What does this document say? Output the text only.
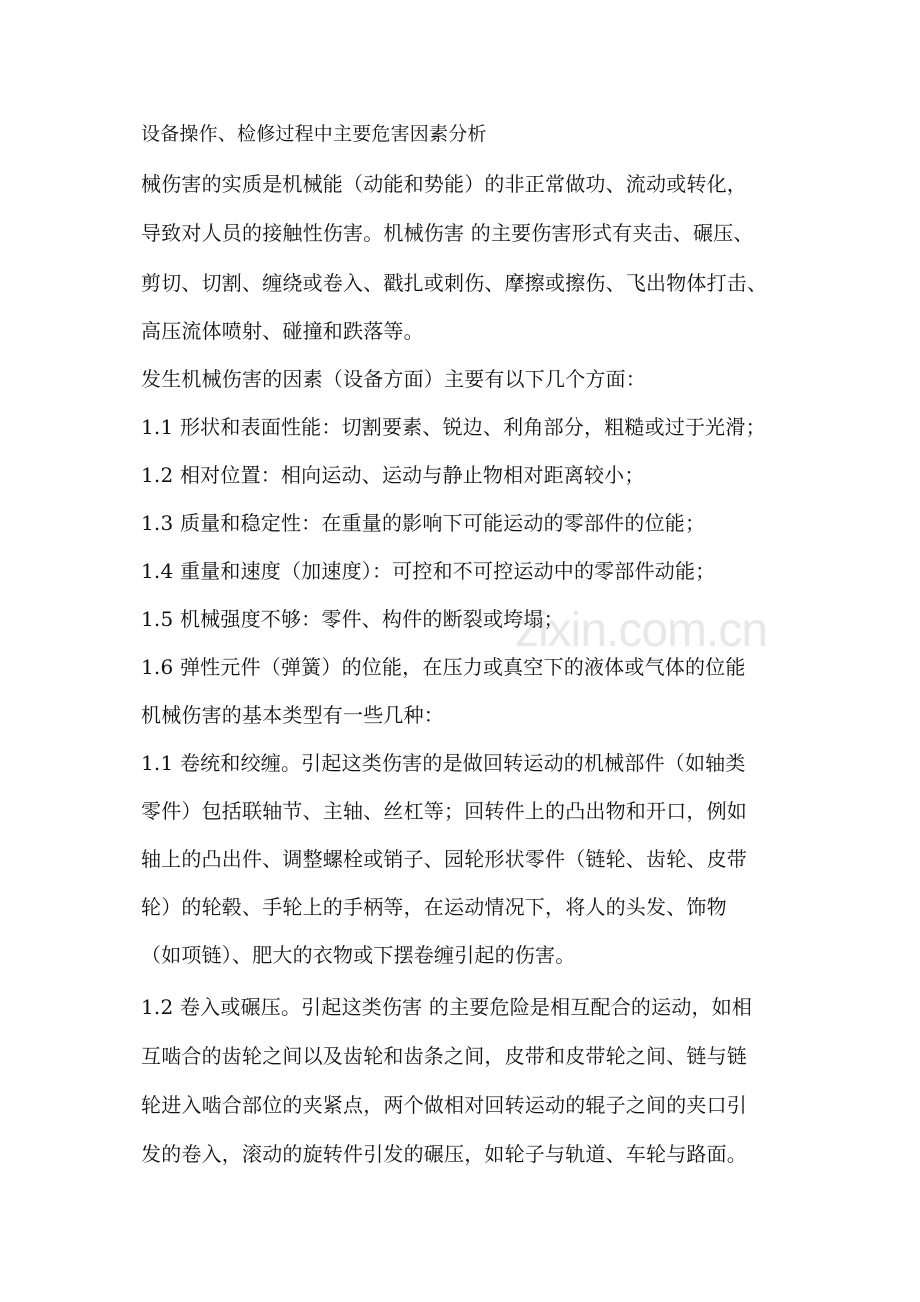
设备操作、检修过程中主要危害因素分析
械伤害的实质是机械能（动能和势能）的非正常做功、流动或转化，
导致对人员的接触性伤害。机械伤害 的主要伤害形式有夹击、碾压、
剪切、切割、缠绕或卷入、戳扎或刺伤、摩擦或擦伤、飞出物体打击、
高压流体喷射、碰撞和跌落等。
发生机械伤害的因素（设备方面）主要有以下几个方面：
1.1 形状和表面性能：切割要素、锐边、利角部分，粗糙或过于光滑；
1.2 相对位置：相向运动、运动与静止物相对距离较小；
1.3 质量和稳定性：在重量的影响下可能运动的零部件的位能；
1.4 重量和速度（加速度）：可控和不可控运动中的零部件动能；
1.5 机械强度不够：零件、构件的断裂或垮塌；
1.6 弹性元件（弹簧）的位能，在压力或真空下的液体或气体的位能
机械伤害的基本类型有一些几种：
1.1 卷统和绞缠。引起这类伤害的是做回转运动的机械部件（如轴类
零件）包括联轴节、主轴、丝杠等；回转件上的凸出物和开口，例如
轴上的凸出件、调整螺栓或销子、园轮形状零件（链轮、齿轮、皮带
轮）的轮毂、手轮上的手柄等，在运动情况下，将人的头发、饰物
（如项链）、肥大的衣物或下摆卷缠引起的伤害。
1.2 卷入或碾压。引起这类伤害 的主要危险是相互配合的运动，如相
互啮合的齿轮之间以及齿轮和齿条之间，皮带和皮带轮之间、链与链
轮进入啮合部位的夹紧点，两个做相对回转运动的辊子之间的夹口引
发的卷入，滚动的旋转件引发的碾压，如轮子与轨道、车轮与路面。
zixin.com.cn
